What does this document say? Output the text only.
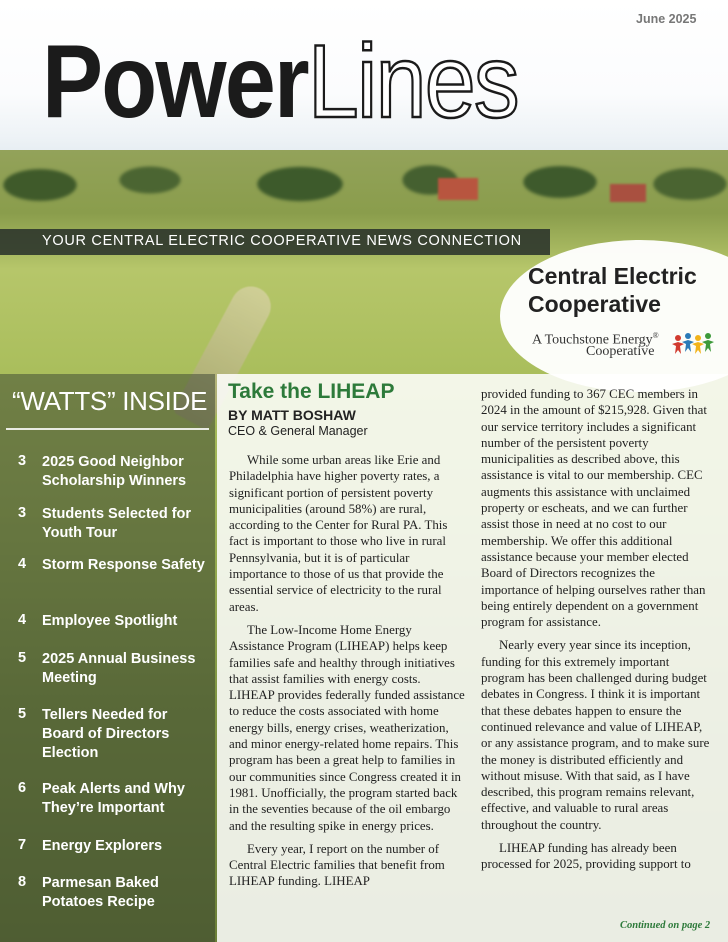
June 2025
PowerLines
YOUR CENTRAL ELECTRIC COOPERATIVE NEWS CONNECTION
Central Electric
Cooperative
A Touchstone Energy®
Cooperative
“WATTS” INSIDE
3 2025 Good Neighbor Scholarship Winners
3 Students Selected for Youth Tour
4 Storm Response Safety
4 Employee Spotlight
5 2025 Annual Business Meeting
5 Tellers Needed for Board of Directors Election
6 Peak Alerts and Why They’re Important
7 Energy Explorers
8 Parmesan Baked Potatoes Recipe
Take the LIHEAP
BY MATT BOSHAW
CEO & General Manager

While some urban areas like Erie and Philadelphia have higher poverty rates, a significant portion of persistent poverty municipalities (around 58%) are rural, according to the Center for Rural PA. This fact is important to those who live in rural Pennsylvania, but it is of particular importance to those of us that provide the essential service of electricity to the rural areas.

The Low-Income Home Energy Assistance Program (LIHEAP) helps keep families safe and healthy through initiatives that assist families with energy costs. LIHEAP provides federally funded assistance to reduce the costs associated with home energy bills, energy crises, weatherization, and minor energy-related home repairs. This program has been a great help to families in our communities since Congress created it in 1981. Unofficially, the program started back in the seventies because of the oil embargo and the resulting spike in energy prices.

Every year, I report on the number of Central Electric families that benefit from LIHEAP funding. LIHEAP

provided funding to 367 CEC members in 2024 in the amount of $215,928. Given that our service territory includes a significant number of the persistent poverty municipalities as described above, this assistance is vital to our membership. CEC augments this assistance with unclaimed property or escheats, and we can further assist those in need at no cost to our membership. We offer this additional assistance because your member elected Board of Directors recognizes the importance of helping ourselves rather than being entirely dependent on a government program for assistance.

Nearly every year since its inception, funding for this extremely important program has been challenged during budget debates in Congress. I think it is important that these debates happen to ensure the continued relevance and value of LIHEAP, or any assistance program, and to make sure the money is distributed efficiently and without misuse. With that said, as I have described, this program remains relevant, effective, and valuable to rural areas throughout the country.

LIHEAP funding has already been processed for 2025, providing support to

Continued on page 2
